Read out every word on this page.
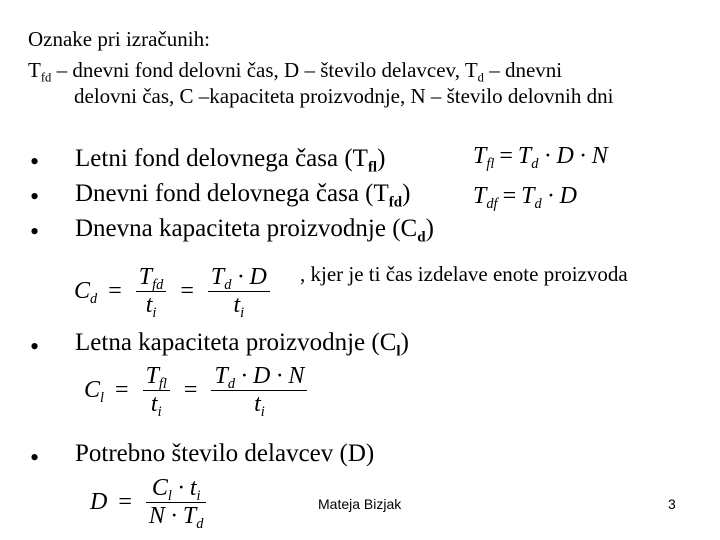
Oznake pri izračunih:
$T_{fd}$ – dnevni fond delovni čas, D – število delavcev, $T_d$ – dnevni
delovni čas, C –kapaciteta proizvodnje, N – število delovnih dni
• Letni fond delovnega časa $(T_{fl})$
• Dnevni fond delovnega časa $(T_{fd})$
• Dnevna kapaciteta proizvodnje $(C_d)$
$T_{fl} = T_d \cdot D \cdot N$
$T_{df} = T_d \cdot D$
$C_d = \frac{T_{fd}}{t_i} = \frac{T_d \cdot D}{t_i}$ , kjer je ti čas izdelave enote proizvoda
• Letna kapaciteta proizvodnje $(C_l)$
$C_l = \frac{T_{fl}}{t_i} = \frac{T_d \cdot D \cdot N}{t_i}$
• Potrebno število delavcev (D)
$D = \frac{C_l \cdot t_i}{N \cdot T_d}$	Mateja Bizjak	3
